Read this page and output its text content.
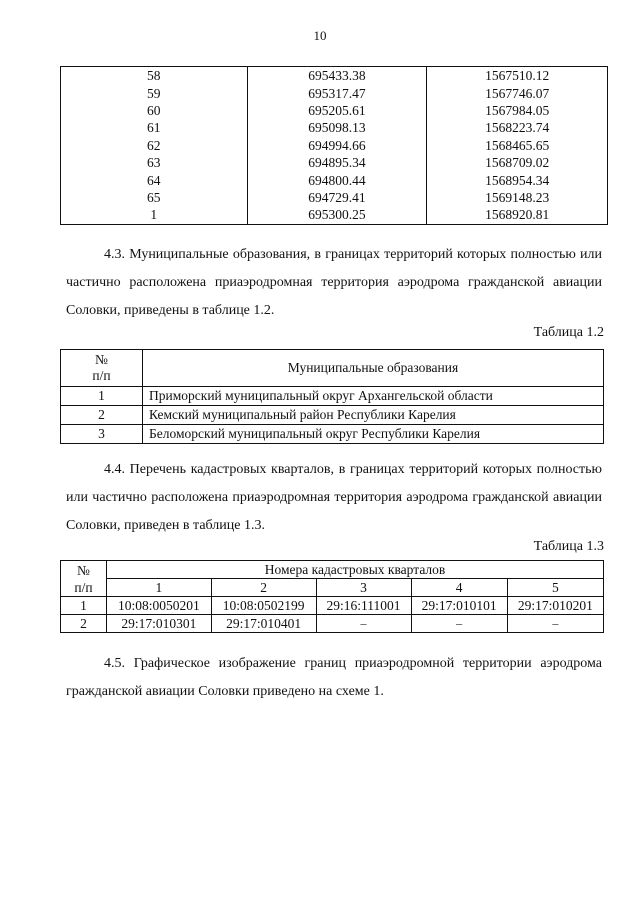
10
58	695433.38	1567510.12
59	695317.47	1567746.07
60	695205.61	1567984.05
61	695098.13	1568223.74
62	694994.66	1568465.65
63	694895.34	1568709.02
64	694800.44	1568954.34
65	694729.41	1569148.23
1	695300.25	1568920.81

4.3. Муниципальные образования, в границах территорий которых полностью или частично расположена приаэродромная территория аэродрома гражданской авиации Соловки, приведены в таблице 1.2.

Таблица 1.2
№
п/п	Муниципальные образования
1	Приморский муниципальный округ Архангельской области
2	Кемский муниципальный район Республики Карелия
3	Беломорский муниципальный округ Республики Карелия

4.4. Перечень кадастровых кварталов, в границах территорий которых полностью или частично расположена приаэродромная территория аэродрома гражданской авиации Соловки, приведен в таблице 1.3.

Таблица 1.3
№
п/п	Номера кадастровых кварталов				
	1	2	3	4	5
1	10:08:0050201	10:08:0502199	29:16:111001	29:17:010101	29:17:010201
2	29:17:010301	29:17:010401	–	–	–

4.5. Графическое изображение границ приаэродромной территории аэродрома гражданской авиации Соловки приведено на схеме 1.
